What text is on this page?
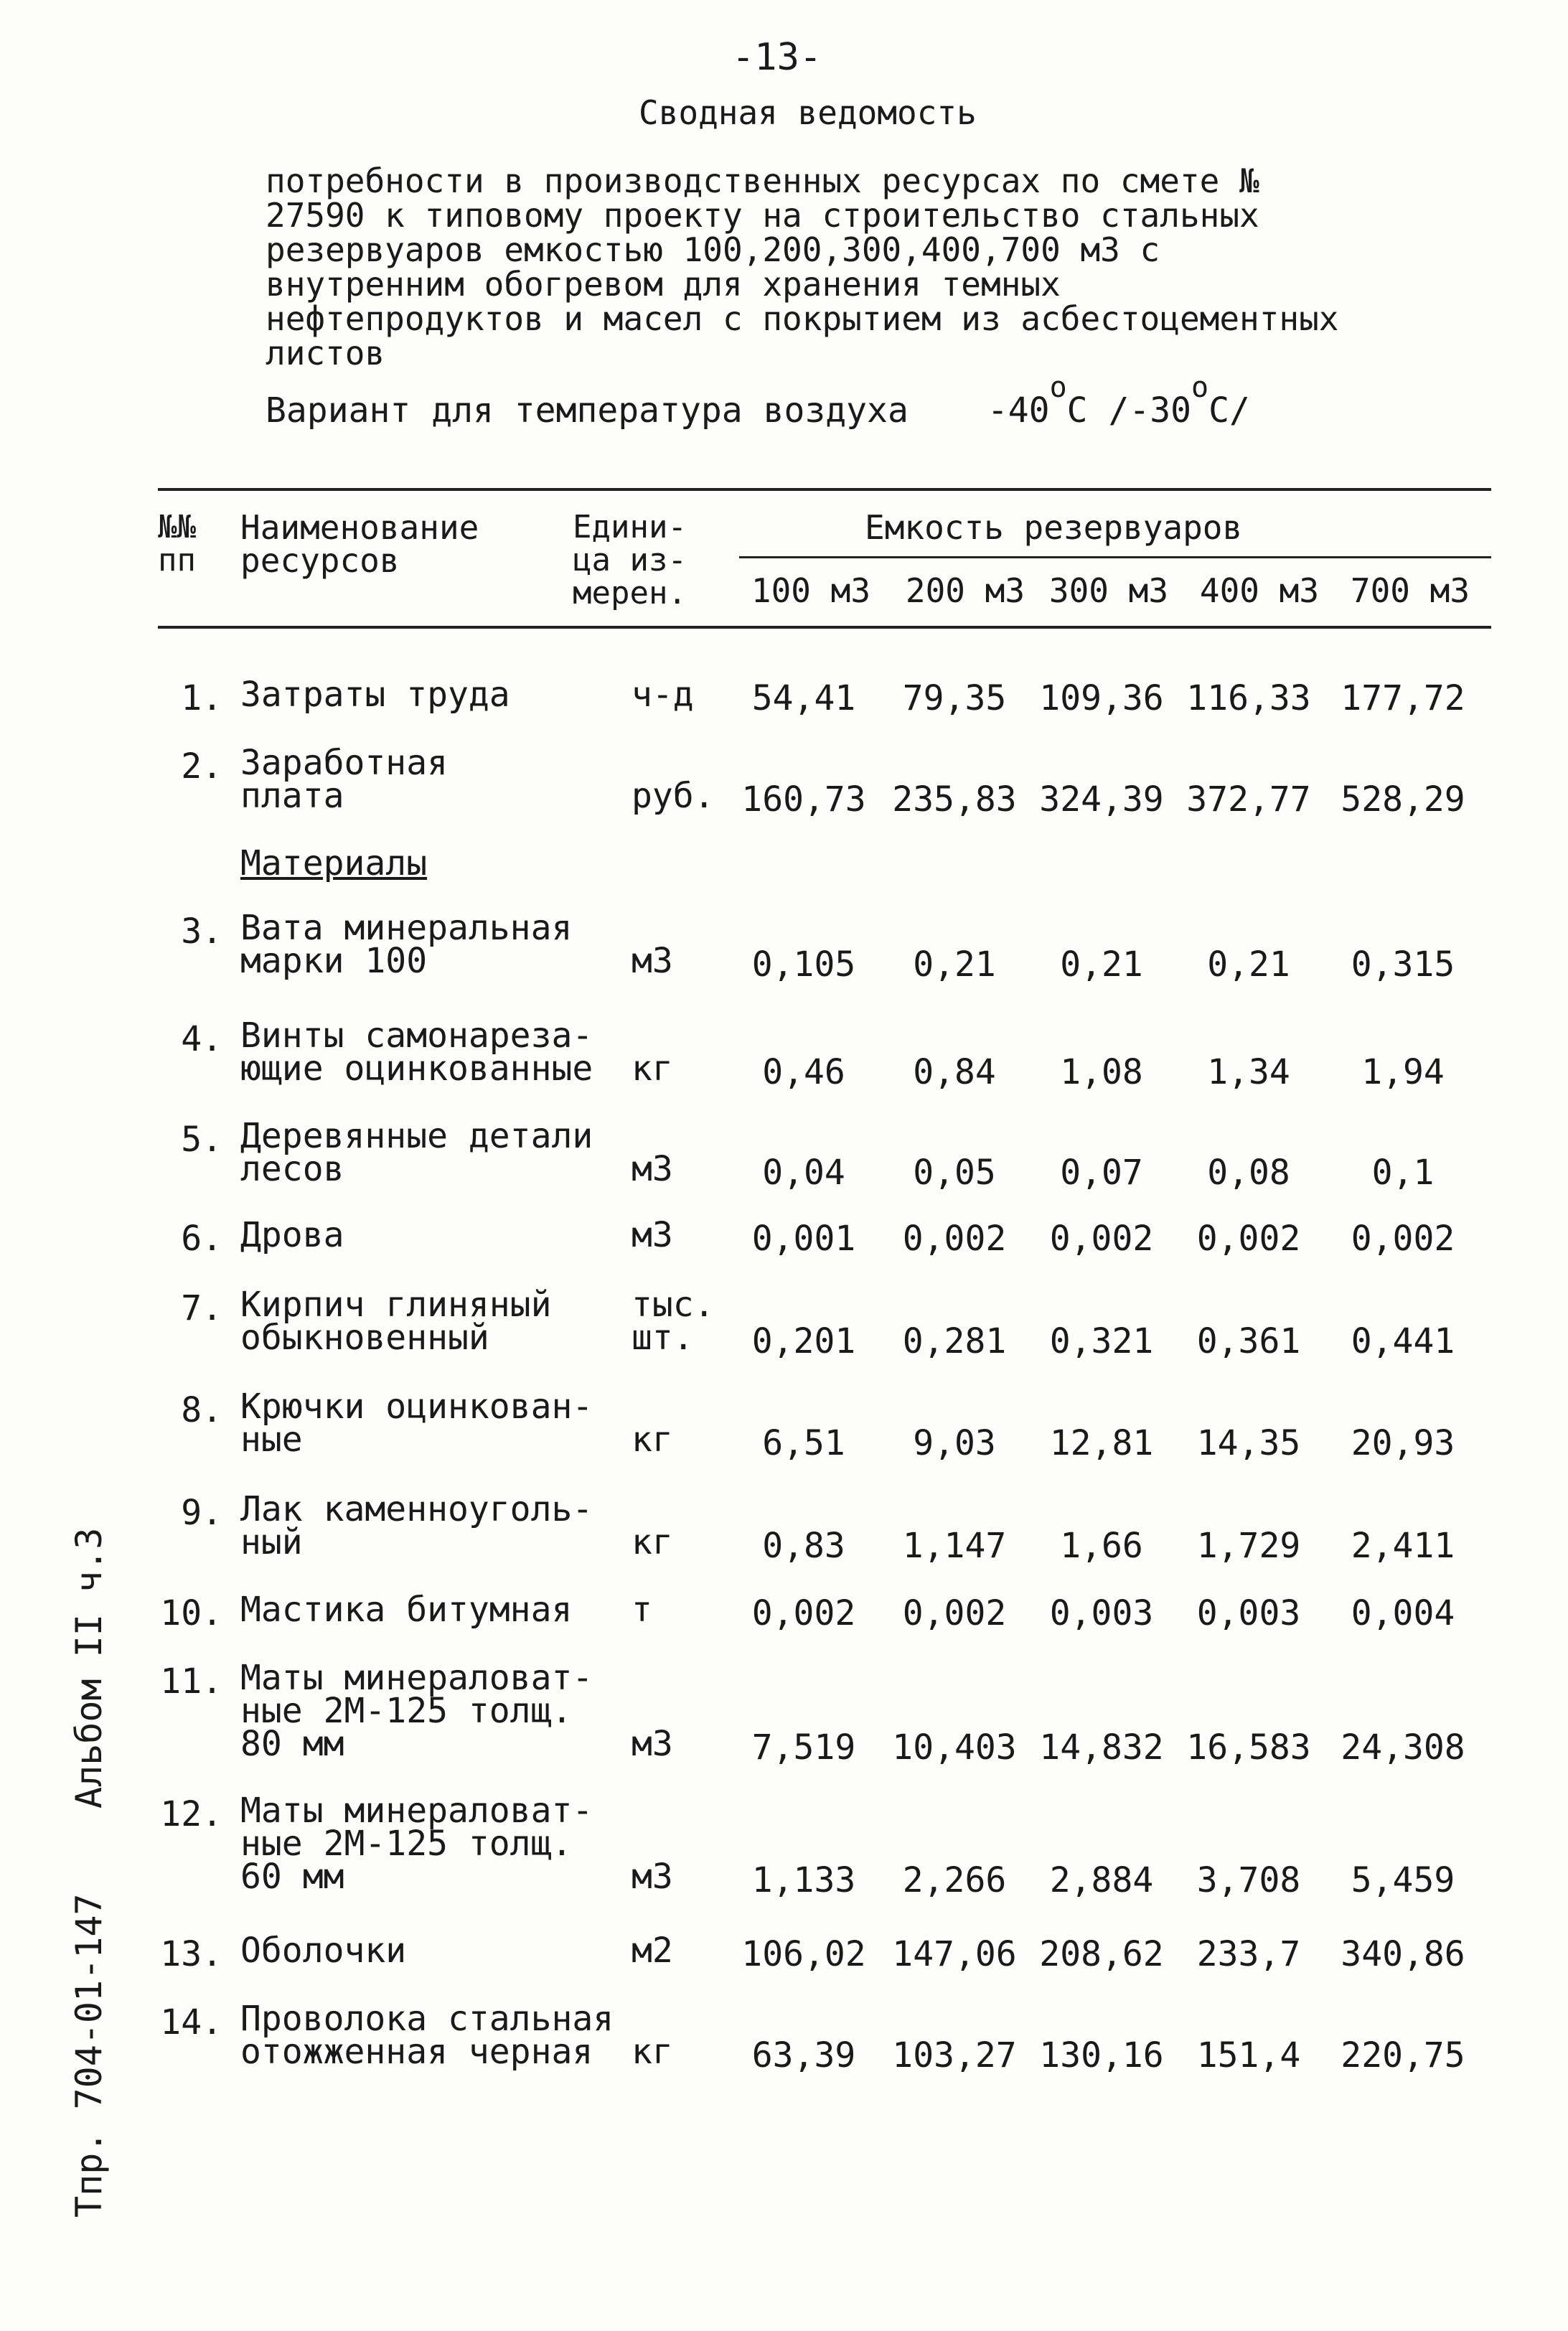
-13-
Сводная ведомость
потребности в производственных ресурсах по смете № 27590 к типовому проекту на строительство стальных резервуаров емкостью 100,200,300,400,700 м3 с внутренним обогревом для хранения темных нефтепродуктов и масел с покрытием из асбестоцементных листов
Вариант для температура воздуха $-40^оС$ $/-30^оС/$
№№
пп
Наименование
ресурсов
Едини-
ца из-
мерен.
Емкость резервуаров
100 м3	200 м3 300 м3 400 м3 700 м3
1. Затраты труда	ч-д	54,41	79,35 109,36 116,33 177,72
2. Заработная
плата	руб. 160,73 235,83 324,39 372,77 528,29
Материалы
3. Вата минеральная
марки 100	м3	0,105	0,21	0,21	0,21	0,315
4. Винты самонареза-
ющие оцинкованные кг	0,46	0,84	1,08	1,34	1,94
5. Деревянные детали
лесов	м3	0,04	0,05	0,07	0,08	0,1
6. Дрова	м3	0,001	0,002	0,002	0,002	0,002
7. Кирпич глиняный
обыкновенный
тыс.
шт.	0,201	0,281	0,321	0,361	0,441
8. Крючки оцинкован-
ные	кг	6,51	9,03	12,81	14,35	20,93
9. Лак каменноуголь-
ный	кг	0,83	1,147	1,66	1,729	2,411
10. Мастика битумная т	0,002	0,002	0,003	0,003	0,004
11. Маты минераловат-
ные 2М-125 толщ.
80 мм	м3	7,519	10,403 14,832 16,583 24,308
12. Маты минераловат-
ные 2М-125 толщ.
60 мм	м3	1,133	2,266	2,884	3,708	5,459
13. Оболочки	м2	106,02 147,06 208,62 233,7	340,86
14. Проволока стальная
отожженная черная	кг	63,39	103,27 130,16 151,4	220,75
Альбом II ч.3
Тпр. 704-01-147
